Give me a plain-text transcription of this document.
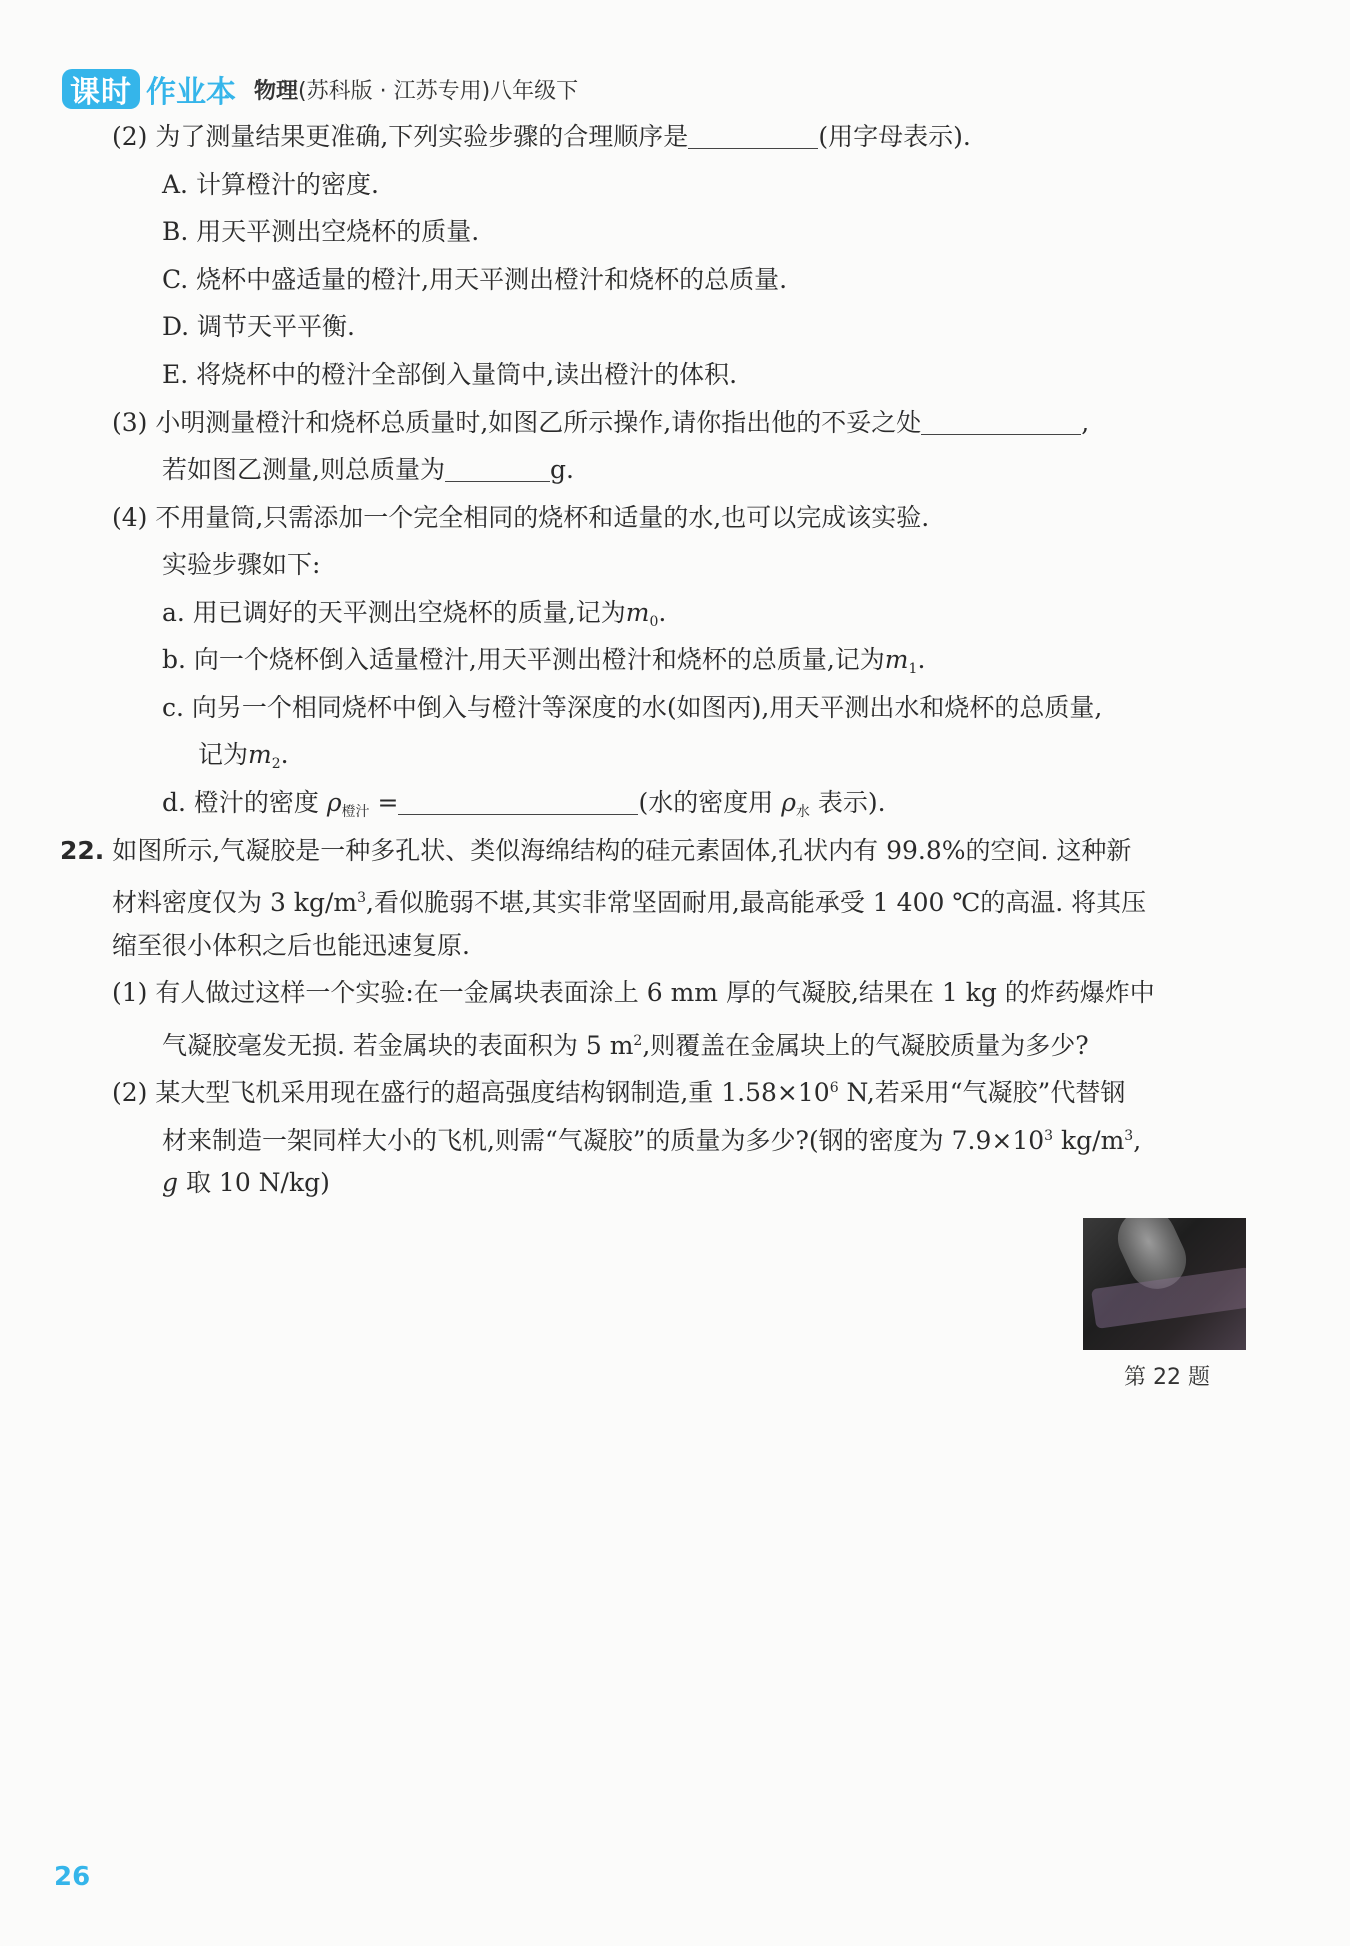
课时 作业本 物理(苏科版 · 江苏专用)八年级下
(2) 为了测量结果更准确,下列实验步骤的合理顺序是	(用字母表示).
A. 计算橙汁的密度.
B. 用天平测出空烧杯的质量.
C. 烧杯中盛适量的橙汁,用天平测出橙汁和烧杯的总质量.
D. 调节天平平衡.
E. 将烧杯中的橙汁全部倒入量筒中,读出橙汁的体积.
(3) 小明测量橙汁和烧杯总质量时,如图乙所示操作,请你指出他的不妥之处	,
若如图乙测量,则总质量为	g.
(4) 不用量筒,只需添加一个完全相同的烧杯和适量的水,也可以完成该实验.
实验步骤如下:
a. 用已调好的天平测出空烧杯的质量,记为$m_0$.
b. 向一个烧杯倒入适量橙汁,用天平测出橙汁和烧杯的总质量,记为$m_1$.
c. 向另一个相同烧杯中倒入与橙汁等深度的水(如图丙),用天平测出水和烧杯的总质量,
记为$m_2$.
d. 橙汁的密度 $\rho_{橙汁}$ =	(水的密度用 $\rho_水$ 表示).
22. 如图所示,气凝胶是一种多孔状、类似海绵结构的硅元素固体,孔状内有 99.8%的空间. 这种新
材料密度仅为 3 $kg/m^3$,看似脆弱不堪,其实非常坚固耐用,最高能承受 1 400 ℃的高温. 将其压
缩至很小体积之后也能迅速复原.
(1) 有人做过这样一个实验:在一金属块表面涂上 6 mm 厚的气凝胶,结果在 1 kg 的炸药爆炸中
气凝胶毫发无损. 若金属块的表面积为 5 $m^2$,则覆盖在金属块上的气凝胶质量为多少?
(2) 某大型飞机采用现在盛行的超高强度结构钢制造,重 $1.58\times 10^6$ N,若采用“气凝胶”代替钢
材来制造一架同样大小的飞机,则需“气凝胶”的质量为多少?(钢的密度为 $7.9\times 10^3$ $kg/m^3$,
g 取 10 N/kg)
第 22 题
26
